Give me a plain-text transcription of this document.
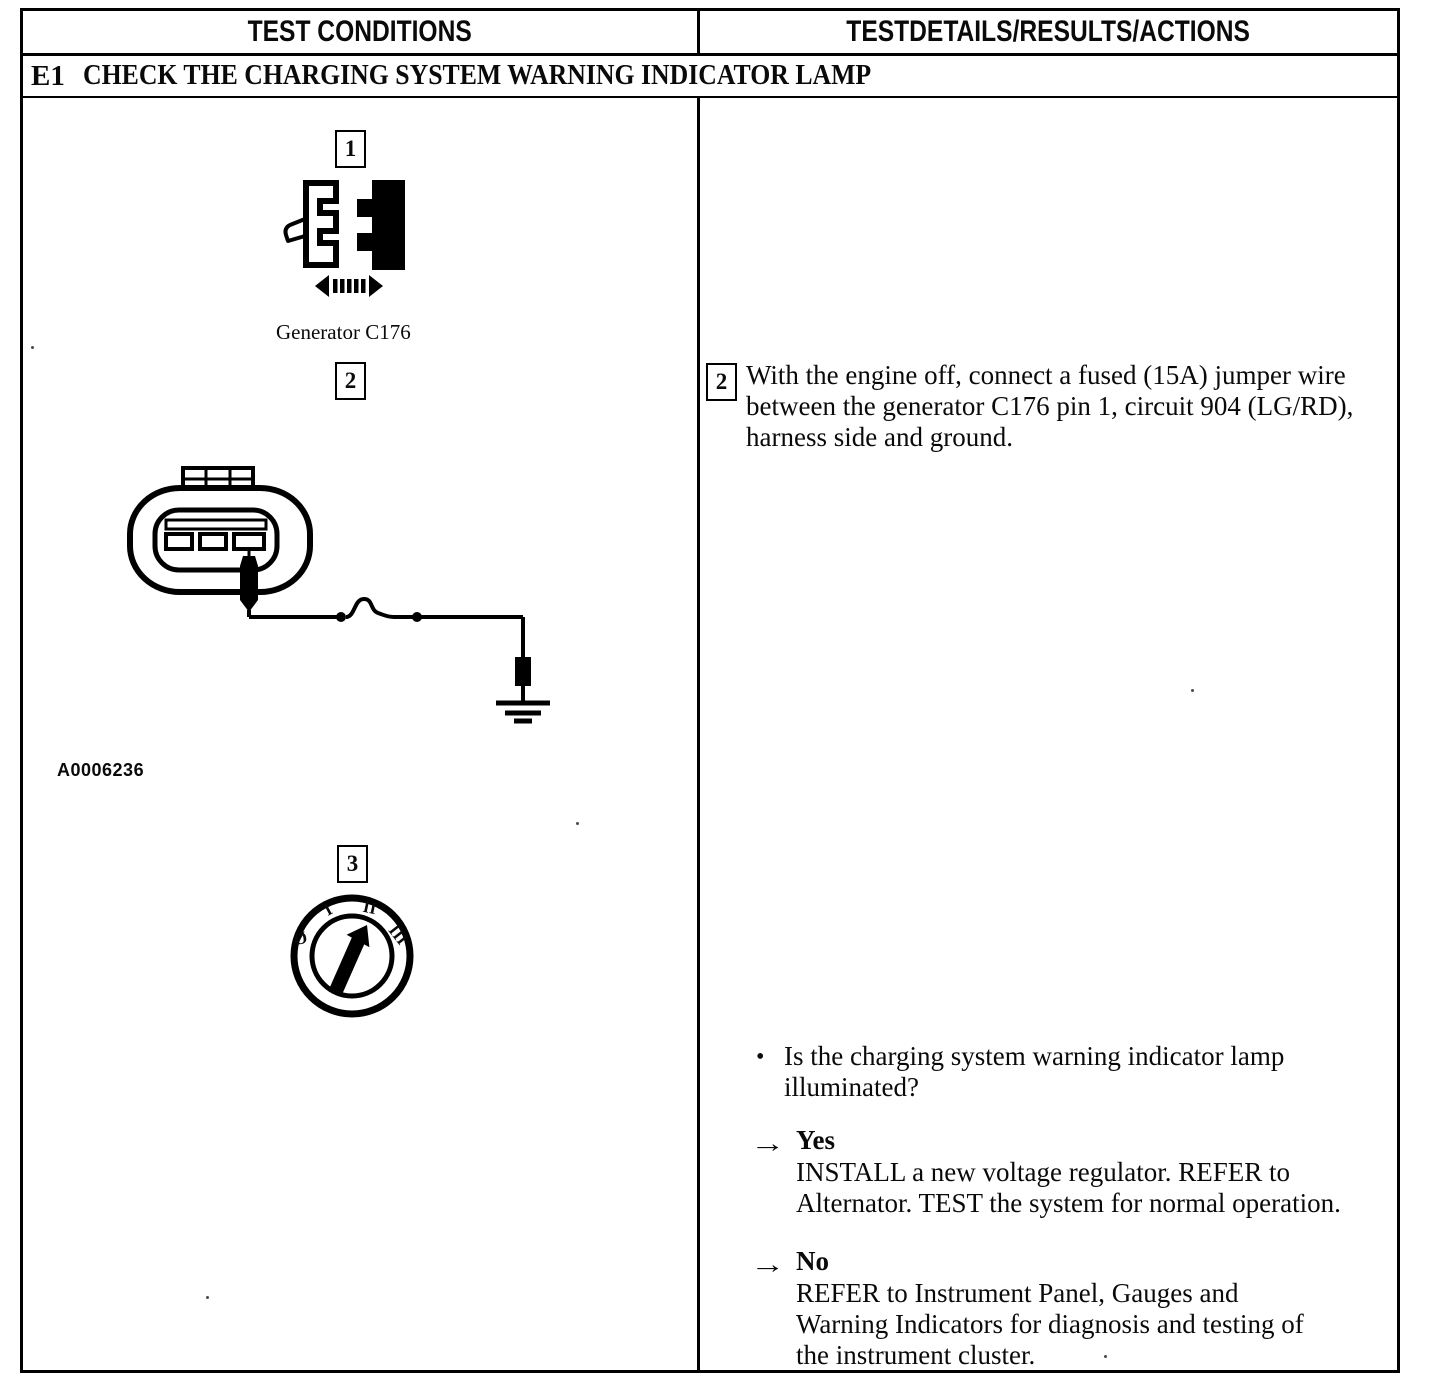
TEST CONDITIONS	TESTDETAILS/RESULTS/ACTIONS
E1 CHECK THE CHARGING SYSTEM WARNING INDICATOR LAMP
1
Generator C176
2
A0006236
3
Ø
I II
III
2 With the engine off, connect a fused (15A) jumper wire between the generator C176 pin 1, circuit 904 (LG/RD), harness side and ground.
• Is the charging system warning indicator lamp illuminated?
→ Yes
INSTALL a new voltage regulator. REFER to Alternator. TEST the system for normal operation.
→ No
REFER to Instrument Panel, Gauges and Warning Indicators for diagnosis and testing of the instrument cluster.
